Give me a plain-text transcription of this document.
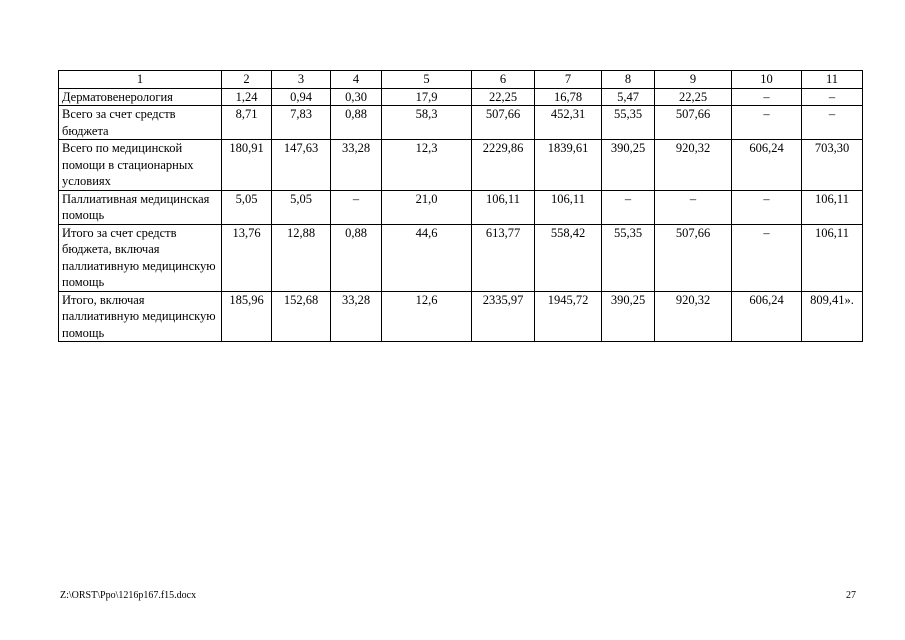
1	2	3	4	5	6	7	8	9	10	11
Дерматовенерология	1,24	0,94	0,30	17,9	22,25	16,78	5,47	22,25	–	–
Всего за счет средств бюджета	8,71	7,83	0,88	58,3	507,66	452,31	55,35	507,66	–	–
Всего по медицинской помощи в стационарных условиях	180,91	147,63	33,28	12,3	2229,86	1839,61	390,25	920,32	606,24	703,30
Паллиативная медицинская помощь	5,05	5,05	–	21,0	106,11	106,11	–	–	–	106,11
Итого за счет средств бюджета, включая паллиативную медицинскую помощь	13,76	12,88	0,88	44,6	613,77	558,42	55,35	507,66	–	106,11
Итого, включая паллиативную медицинскую помощь	185,96	152,68	33,28	12,6	2335,97	1945,72	390,25	920,32	606,24	809,41».
Z:\ORST\Ppo\1216p167.f15.docx	27
